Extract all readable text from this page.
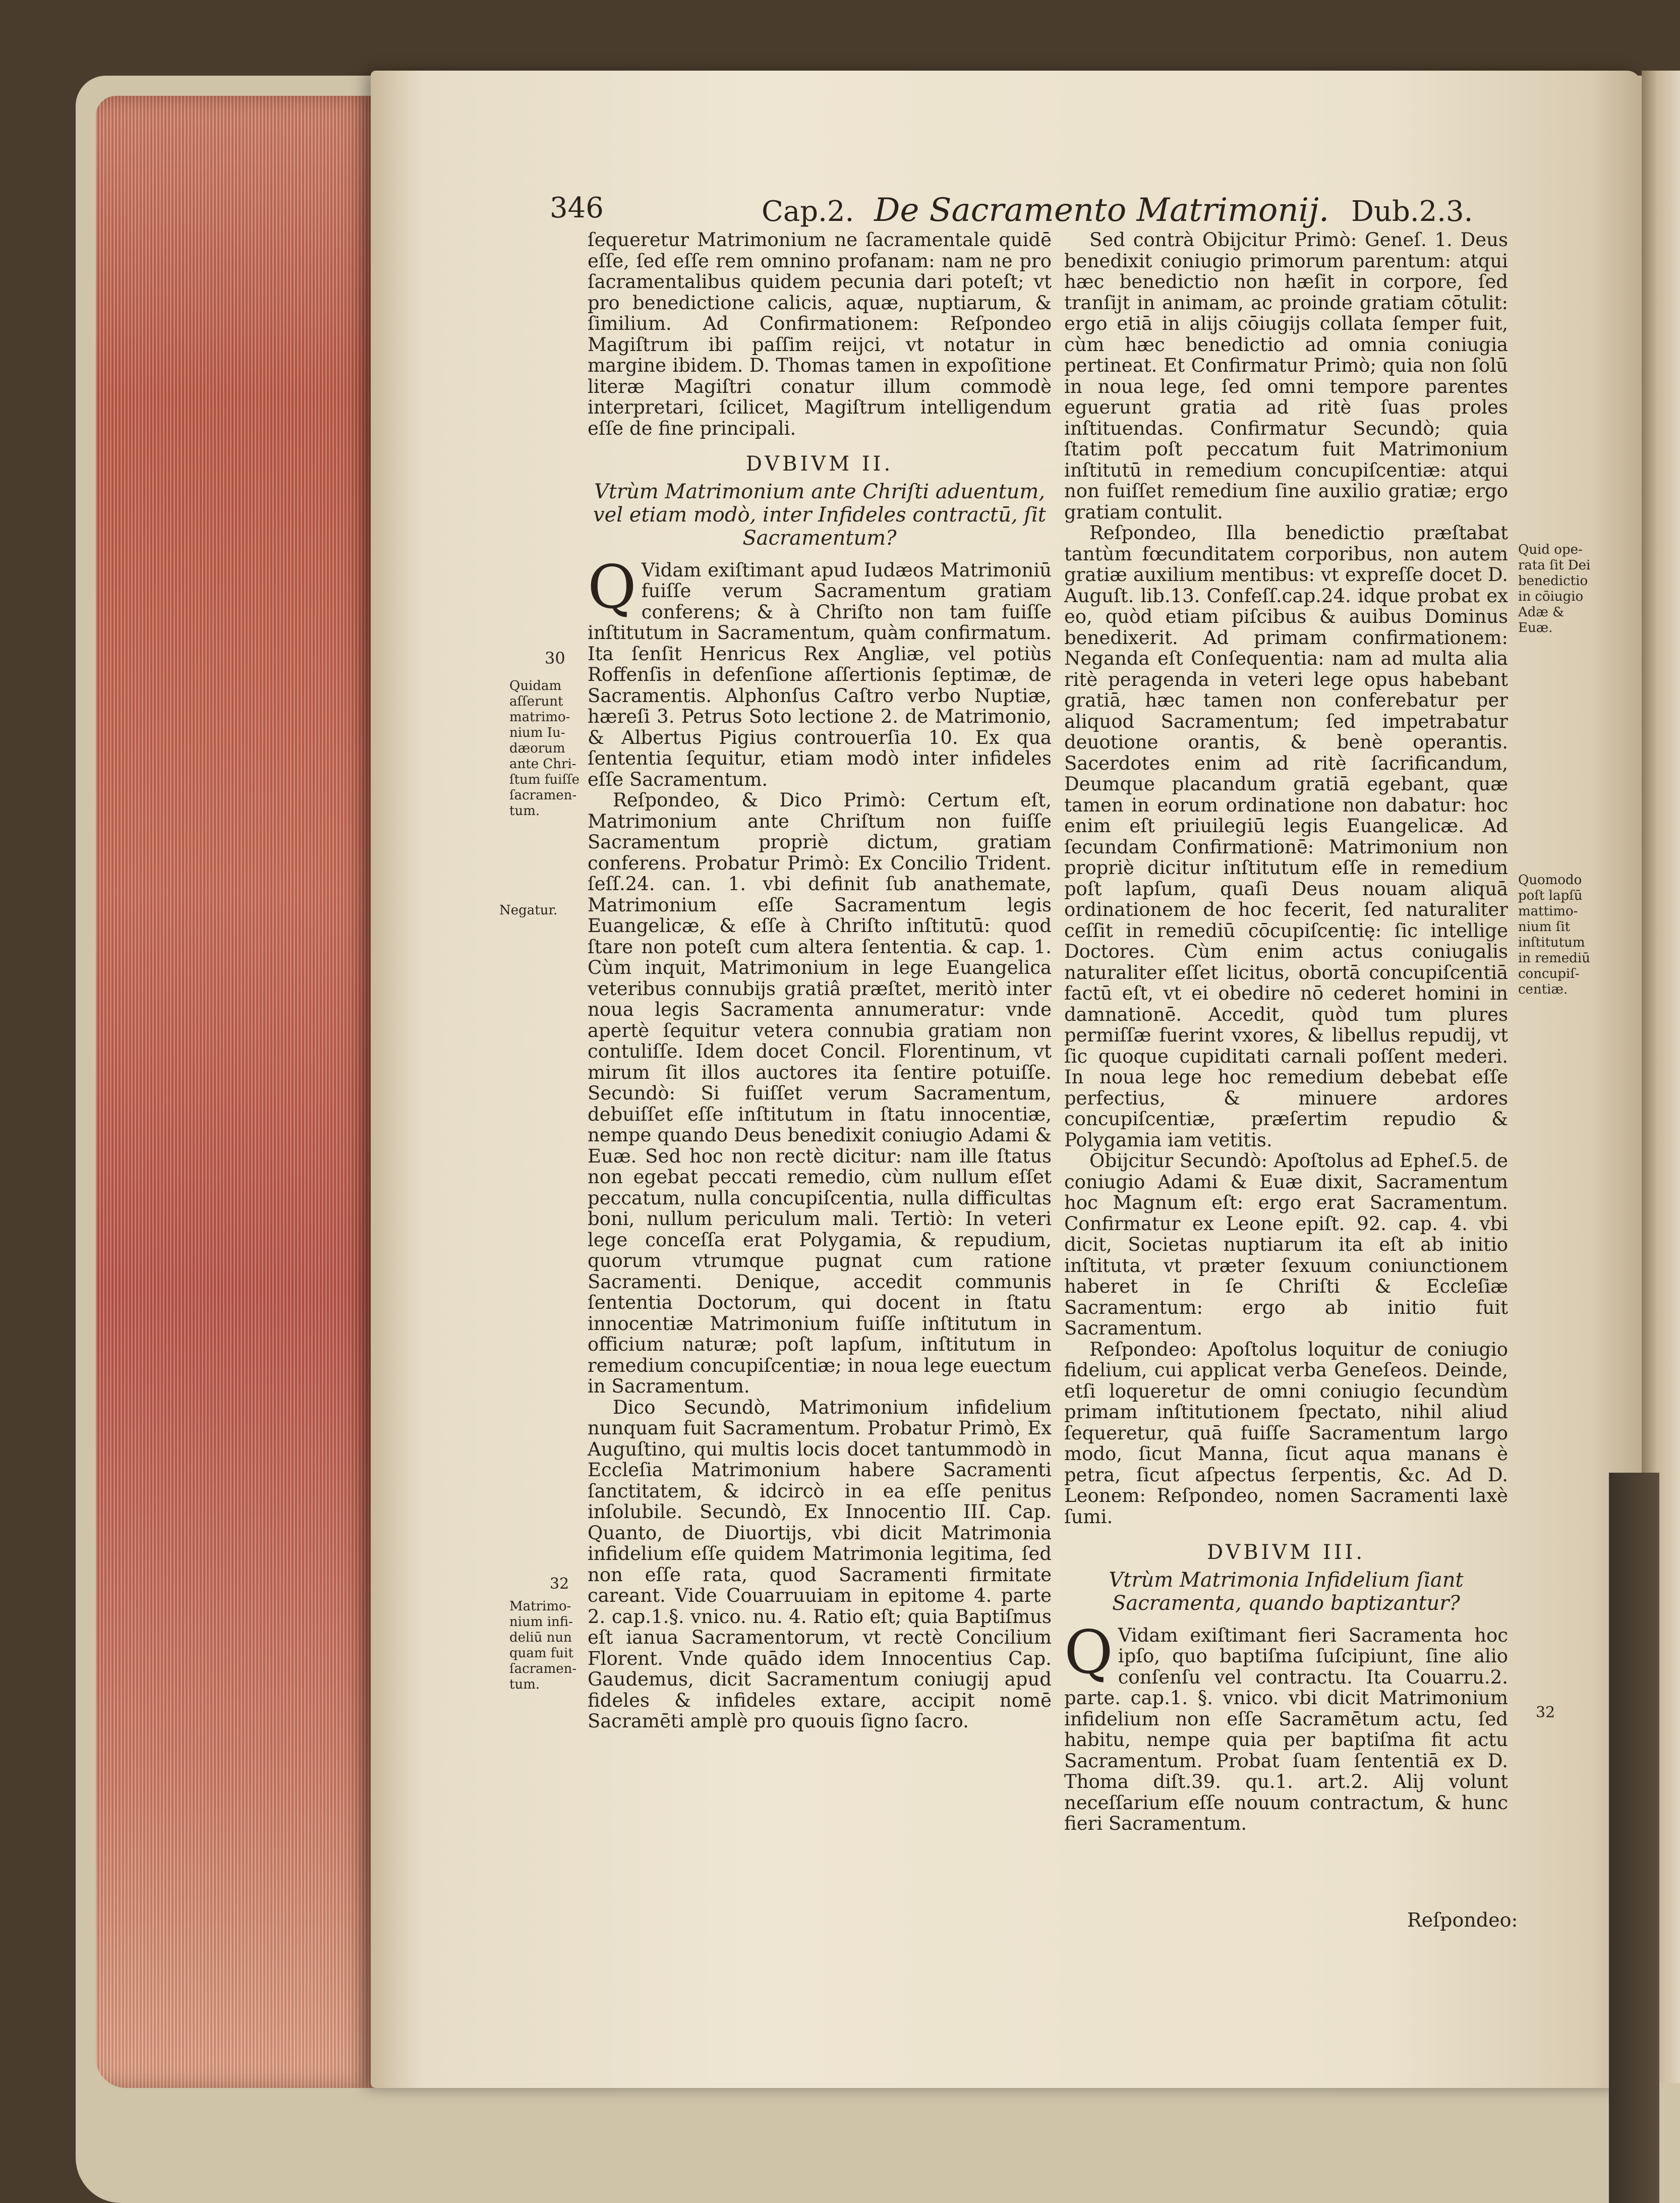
346	Cap.2. De Sacramento Matrimonij. Dub.2.3.

ſequeretur Matrimonium ne ſacramentale quidē eſſe, ſed eſſe rem omnino profanam: nam ne pro ſacramentalibus quidem pecunia dari poteſt; vt pro benedictione calicis, aquæ, nuptiarum, & ſimilium. Ad Confirmationem: Reſpondeo Magiſtrum ibi paſſim reijci, vt notatur in margine ibidem. D. Thomas tamen in expoſitione literæ Magiſtri conatur illum commodè interpretari, ſcilicet, Magiſtrum intelligendum eſſe de fine principali.

DVBIVM II.
Vtrùm Matrimonium ante Chriſti aduentum, vel etiam modò, inter Infideles contractū, ſit Sacramentum?

Q Vidam exiſtimant apud Iudæos Matrimoniū fuiſſe verum Sacramentum gratiam conferens; & à Chriſto non tam fuiſſe inſtitutum in Sacramentum, quàm confirmatum. Ita ſenſit Henricus Rex Angliæ, vel potiùs Roffenſis in defenſione aſſertionis ſeptimæ, de Sacramentis. Alphonſus Caſtro verbo Nuptiæ, hæreſi 3. Petrus Soto lectione 2. de Matrimonio, & Albertus Pigius controuerſia 10. Ex qua ſententia ſequitur, etiam modò inter infideles eſſe Sacramentum.

Reſpondeo, & Dico Primò: Certum eſt, Matrimonium ante Chriſtum non fuiſſe Sacramentum propriè dictum, gratiam conferens. Probatur Primò: Ex Concilio Trident. ſeſſ.24. can. 1. vbi definit ſub anathemate, Matrimonium eſſe Sacramentum legis Euangelicæ, & eſſe à Chriſto inſtitutū: quod ſtare non poteſt cum altera ſententia. & cap. 1. Cùm inquit, Matrimonium in lege Euangelica veteribus connubijs gratiâ præſtet, meritò inter noua legis Sacramenta annumeratur: vnde apertè ſequitur vetera connubia gratiam non contuliſſe. Idem docet Concil. Florentinum, vt mirum ſit illos auctores ita ſentire potuiſſe. Secundò: Si fuiſſet verum Sacramentum, debuiſſet eſſe inſtitutum in ſtatu innocentiæ, nempe quando Deus benedixit coniugio Adami & Euæ. Sed hoc non rectè dicitur: nam ille ſtatus non egebat peccati remedio, cùm nullum eſſet peccatum, nulla concupiſcentia, nulla difficultas boni, nullum periculum mali. Tertiò: In veteri lege conceſſa erat Polygamia, & repudium, quorum vtrumque pugnat cum ratione Sacramenti. Denique, accedit communis ſententia Doctorum, qui docent in ſtatu innocentiæ Matrimonium fuiſſe inſtitutum in officium naturæ; poſt lapſum, inſtitutum in remedium concupiſcentiæ; in noua lege euectum in Sacramentum.

Dico Secundò, Matrimonium infidelium nunquam fuit Sacramentum. Probatur Primò, Ex Auguſtino, qui multis locis docet tantummodò in Eccleſia Matrimonium habere Sacramenti ſanctitatem, & idcircò in ea eſſe penitus inſolubile. Secundò, Ex Innocentio III. Cap. Quanto, de Diuortijs, vbi dicit Matrimonia infidelium eſſe quidem Matrimonia legitima, ſed non eſſe rata, quod Sacramenti firmitate careant. Vide Couarruuiam in epitome 4. parte 2. cap.1.§. vnico. nu. 4. Ratio eſt; quia Baptiſmus eſt ianua Sacramentorum, vt rectè Concilium Florent. Vnde quādo idem Innocentius Cap. Gaudemus, dicit Sacramentum coniugij apud fideles & infideles extare, accipit nomē Sacramēti amplè pro quouis ſigno ſacro.

Sed contrà Obijcitur Primò: Geneſ. 1. Deus benedixit coniugio primorum parentum: atqui hæc benedictio non hæſit in corpore, ſed tranſijt in animam, ac proinde gratiam cōtulit: ergo etiā in alijs cōiugijs collata ſemper fuit, cùm hæc benedictio ad omnia coniugia pertineat. Et Confirmatur Primò; quia non ſolū in noua lege, ſed omni tempore parentes eguerunt gratia ad ritè ſuas proles inſtituendas. Confirmatur Secundò; quia ſtatim poſt peccatum fuit Matrimonium inſtitutū in remedium concupiſcentiæ: atqui non fuiſſet remedium ſine auxilio gratiæ; ergo gratiam contulit.

Reſpondeo, Illa benedictio præſtabat tantùm fœcunditatem corporibus, non autem gratiæ auxilium mentibus: vt expreſſe docet D. Auguſt. lib.13. Confeſſ.cap.24. idque probat ex eo, quòd etiam piſcibus & auibus Dominus benedixerit. Ad primam confirmationem: Neganda eſt Conſequentia: nam ad multa alia ritè peragenda in veteri lege opus habebant gratiā, hæc tamen non conferebatur per aliquod Sacramentum; ſed impetrabatur deuotione orantis, & benè operantis. Sacerdotes enim ad ritè ſacrificandum, Deumque placandum gratiā egebant, quæ tamen in eorum ordinatione non dabatur: hoc enim eſt priuilegiū legis Euangelicæ. Ad ſecundam Confirmationē: Matrimonium non propriè dicitur inſtitutum eſſe in remedium poſt lapſum, quaſi Deus nouam aliquā ordinationem de hoc fecerit, ſed naturaliter ceſſit in remediū cōcupiſcentię: ſic intellige Doctores. Cùm enim actus coniugalis naturaliter eſſet licitus, obortā concupiſcentiā factū eſt, vt ei obedire nō cederet homini in damnationē. Accedit, quòd tum plures permiſſæ fuerint vxores, & libellus repudij, vt ſic quoque cupiditati carnali poſſent mederi. In noua lege hoc remedium debebat eſſe perfectius, & minuere ardores concupiſcentiæ, præſertim repudio & Polygamia iam vetitis.

Obijcitur Secundò: Apoſtolus ad Epheſ.5. de coniugio Adami & Euæ dixit, Sacramentum hoc Magnum eſt: ergo erat Sacramentum. Confirmatur ex Leone epiſt. 92. cap. 4. vbi dicit, Societas nuptiarum ita eſt ab initio inſtituta, vt præter ſexuum coniunctionem haberet in ſe Chriſti & Eccleſiæ Sacramentum: ergo ab initio fuit Sacramentum.

Reſpondeo: Apoſtolus loquitur de coniugio fidelium, cui applicat verba Geneſeos. Deinde, etſi loqueretur de omni coniugio ſecundùm primam inſtitutionem ſpectato, nihil aliud ſequeretur, quā fuiſſe Sacramentum largo modo, ſicut Manna, ſicut aqua manans è petra, ſicut aſpectus ſerpentis, &c. Ad D. Leonem: Reſpondeo, nomen Sacramenti laxè ſumi.

DVBIVM III.
Vtrùm Matrimonia Infidelium ſiant Sacramenta, quando baptizantur?

Q Vidam exiſtimant fieri Sacramenta hoc ipſo, quo baptiſma ſuſcipiunt, ſine alio conſenſu vel contractu. Ita Couarru.2. parte. cap.1. §. vnico. vbi dicit Matrimonium infidelium non eſſe Sacramētum actu, ſed habitu, nempe quia per baptiſma fit actu Sacramentum. Probat ſuam ſententiā ex D. Thoma diſt.39. qu.1. art.2. Alij volunt neceſſarium eſſe nouum contractum, & hunc fieri Sacramentum.

Reſpondeo:
30
Quidam
aſſerunt
matrimo-
nium Iu-
dæorum
ante Chri-
ſtum fuiſſe
ſacramen-
tum.
Negatur.
32
Matrimo-
nium infi-
deliū nun
quam fuit
ſacramen-
tum.
Quid ope-
rata ſit Dei
benedictio
in cōiugio
Adæ &
Euæ.
Quomodo
poſt lapſū
mattimo-
nium ſit
inſtitutum
in remediū
concupiſ-
centiæ.
32
